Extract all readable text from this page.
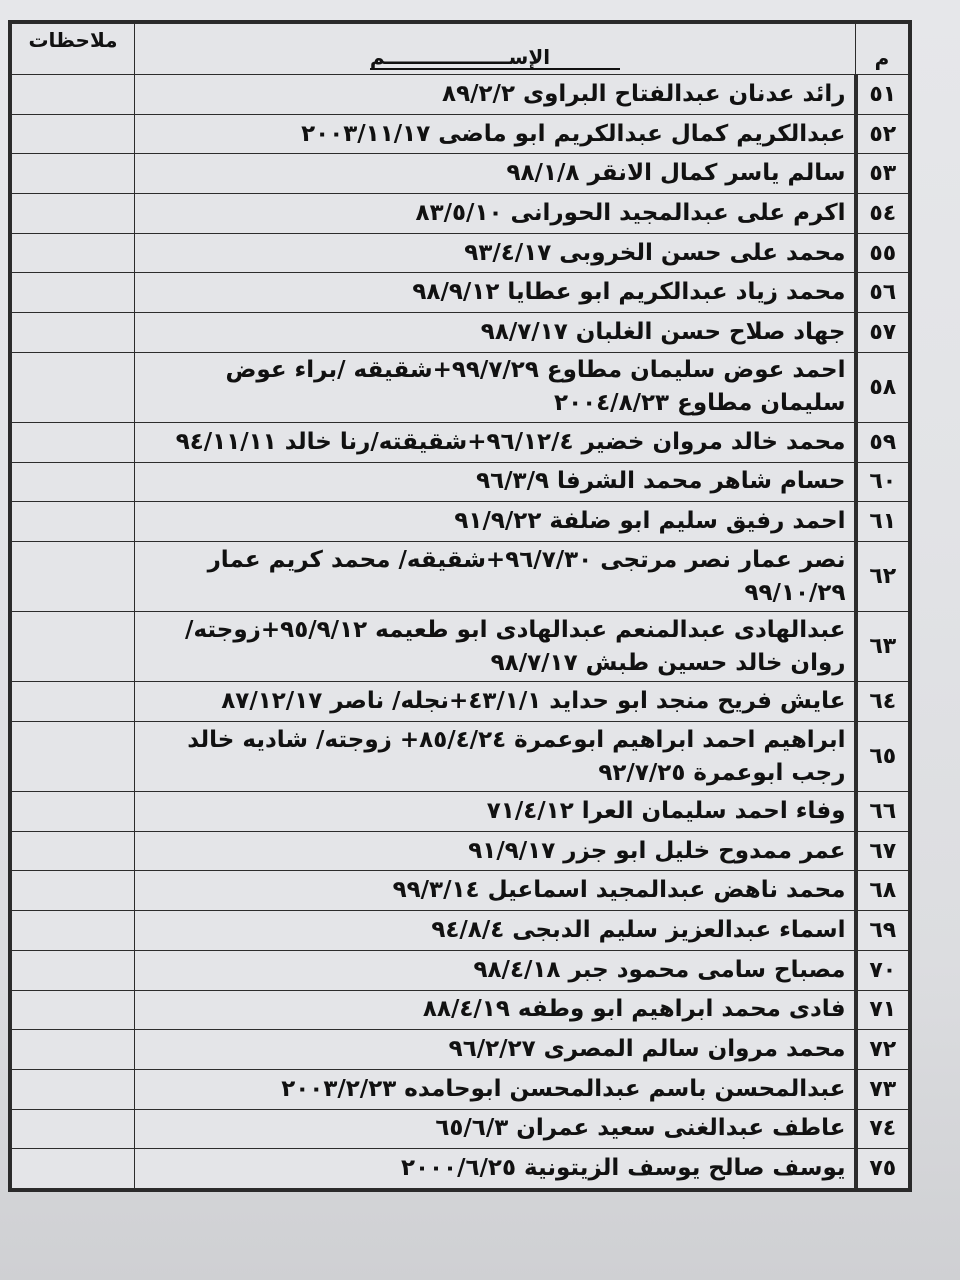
م	الإســــــــــــــــــم	ملاحظات
٥١	رائد عدنان عبدالفتاح البراوى ٨٩/٢/٢	
٥٢	عبدالكريم كمال عبدالكريم ابو ماضى ٢٠٠٣/١١/١٧	
٥٣	سالم ياسر كمال الانقر ٩٨/١/٨	
٥٤	اكرم على عبدالمجيد الحورانى ٨٣/٥/١٠	
٥٥	محمد على حسن الخروبى ٩٣/٤/١٧	
٥٦	محمد زياد عبدالكريم ابو عطايا ٩٨/٩/١٢	
٥٧	جهاد صلاح حسن الغلبان ٩٨/٧/١٧	
٥٨	احمد عوض سليمان مطاوع ٩٩/٧/٢٩+شقيقه /براء عوض سليمان مطاوع ٢٠٠٤/٨/٢٣	
٥٩	محمد خالد مروان خضير ٩٦/١٢/٤+شقيقته/رنا خالد ٩٤/١١/١١	
٦٠	حسام شاهر محمد الشرفا ٩٦/٣/٩	
٦١	احمد رفيق سليم ابو ضلفة ٩١/٩/٢٢	
٦٢	نصر عمار نصر مرتجى ٩٦/٧/٣٠+شقيقه/ محمد كريم عمار ٩٩/١٠/٢٩	
٦٣	عبدالهادى عبدالمنعم عبدالهادى ابو طعيمه ٩٥/٩/١٢+زوجته/ روان خالد حسين طبش ٩٨/٧/١٧	
٦٤	عايش فريح منجد ابو حدايد ٤٣/١/١+نجله/ ناصر ٨٧/١٢/١٧	
٦٥	ابراهيم احمد ابراهيم ابوعمرة ٨٥/٤/٢٤+ زوجته/ شاديه خالد رجب ابوعمرة ٩٢/٧/٢٥	
٦٦	وفاء احمد سليمان العرا ٧١/٤/١٢	
٦٧	عمر ممدوح خليل ابو جزر ٩١/٩/١٧	
٦٨	محمد ناهض عبدالمجيد اسماعيل ٩٩/٣/١٤	
٦٩	اسماء عبدالعزيز سليم الدبجى ٩٤/٨/٤	
٧٠	مصباح سامى محمود جبر ٩٨/٤/١٨	
٧١	فادى محمد ابراهيم ابو وطفه ٨٨/٤/١٩	
٧٢	محمد مروان سالم المصرى ٩٦/٢/٢٧	
٧٣	عبدالمحسن باسم عبدالمحسن ابوحامده ٢٠٠٣/٢/٢٣	
٧٤	عاطف عبدالغنى سعيد عمران ٦٥/٦/٣	
٧٥	يوسف صالح يوسف الزيتونية ٢٠٠٠/٦/٢٥	
